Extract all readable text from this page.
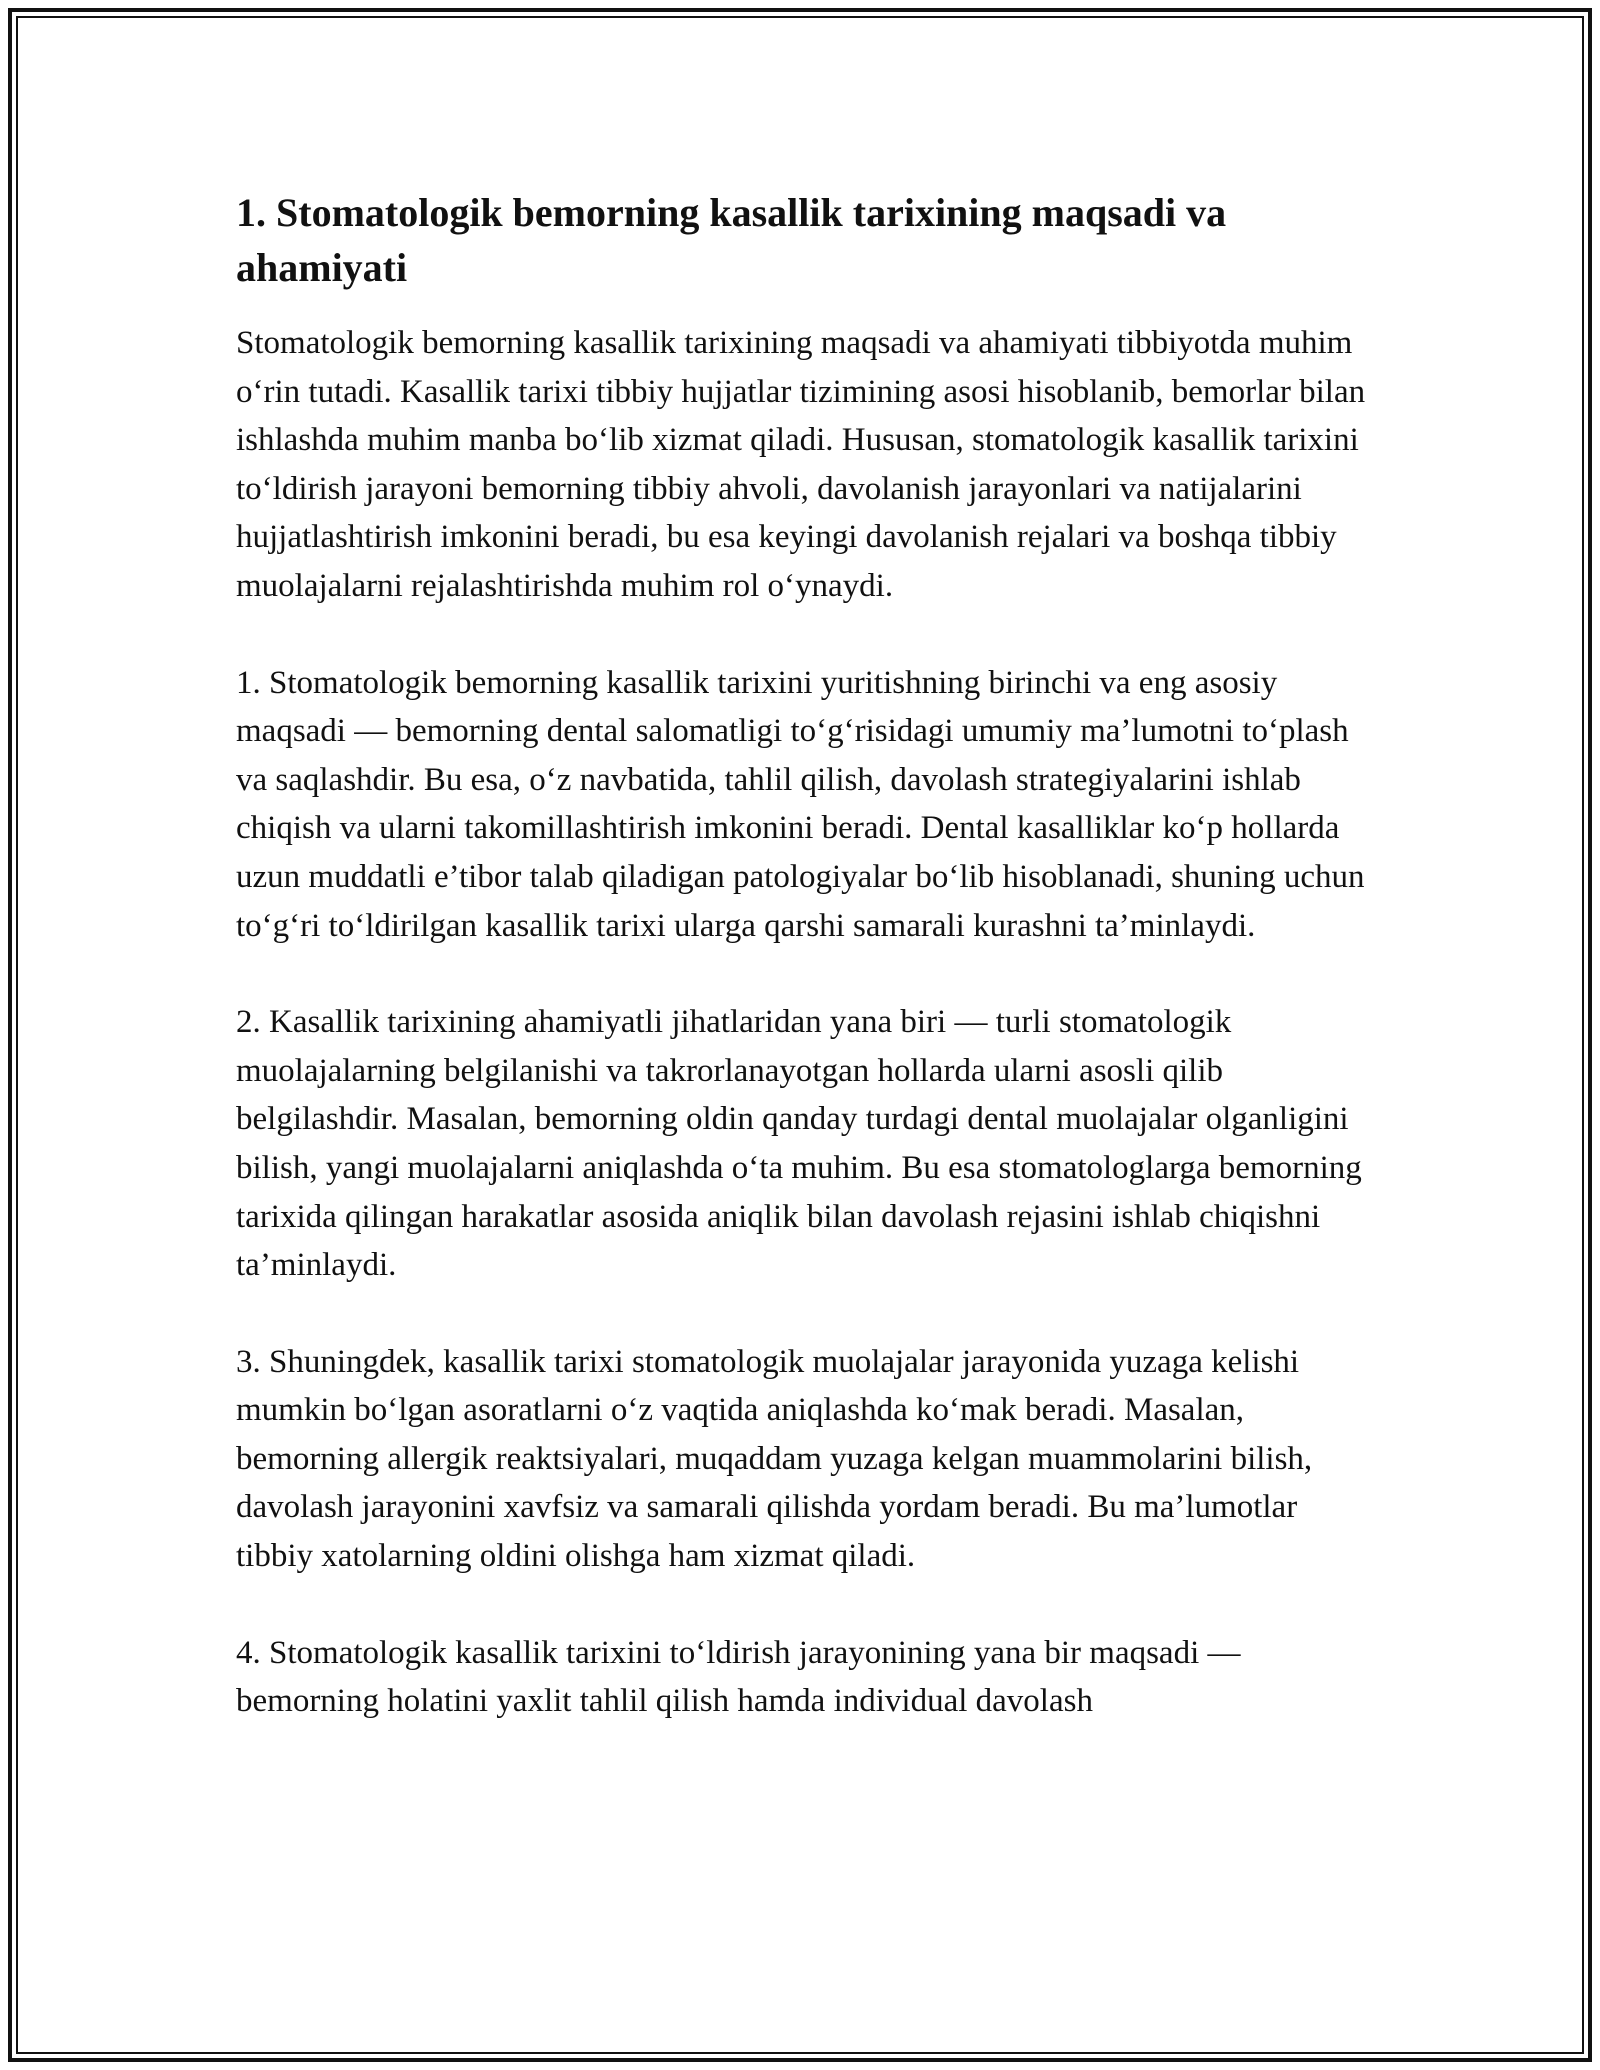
1. Stomatologik bemorning kasallik tarixining maqsadi va ahamiyati

Stomatologik bemorning kasallik tarixining maqsadi va ahamiyati tibbiyotda muhim o‘rin tutadi. Kasallik tarixi tibbiy hujjatlar tizimining asosi hisoblanib, bemorlar bilan ishlashda muhim manba bo‘lib xizmat qiladi. Hususan, stomatologik kasallik tarixini to‘ldirish jarayoni bemorning tibbiy ahvoli, davolanish jarayonlari va natijalarini hujjatlashtirish imkonini beradi, bu esa keyingi davolanish rejalari va boshqa tibbiy muolajalarni rejalashtirishda muhim rol o‘ynaydi.

1. Stomatologik bemorning kasallik tarixini yuritishning birinchi va eng asosiy maqsadi — bemorning dental salomatligi to‘g‘risidagi umumiy ma’lumotni to‘plash va saqlashdir. Bu esa, o‘z navbatida, tahlil qilish, davolash strategiyalarini ishlab chiqish va ularni takomillashtirish imkonini beradi. Dental kasalliklar ko‘p hollarda uzun muddatli e’tibor talab qiladigan patologiyalar bo‘lib hisoblanadi, shuning uchun to‘g‘ri to‘ldirilgan kasallik tarixi ularga qarshi samarali kurashni ta’minlaydi.

2. Kasallik tarixining ahamiyatli jihatlaridan yana biri — turli stomatologik muolajalarning belgilanishi va takrorlanayotgan hollarda ularni asosli qilib belgilashdir. Masalan, bemorning oldin qanday turdagi dental muolajalar olganligini bilish, yangi muolajalarni aniqlashda o‘ta muhim. Bu esa stomatologlarga bemorning tarixida qilingan harakatlar asosida aniqlik bilan davolash rejasini ishlab chiqishni ta’minlaydi.

3. Shuningdek, kasallik tarixi stomatologik muolajalar jarayonida yuzaga kelishi mumkin bo‘lgan asoratlarni o‘z vaqtida aniqlashda ko‘mak beradi. Masalan, bemorning allergik reaktsiyalari, muqaddam yuzaga kelgan muammolarini bilish, davolash jarayonini xavfsiz va samarali qilishda yordam beradi. Bu ma’lumotlar tibbiy xatolarning oldini olishga ham xizmat qiladi.

4. Stomatologik kasallik tarixini to‘ldirish jarayonining yana bir maqsadi — bemorning holatini yaxlit tahlil qilish hamda individual davolash
